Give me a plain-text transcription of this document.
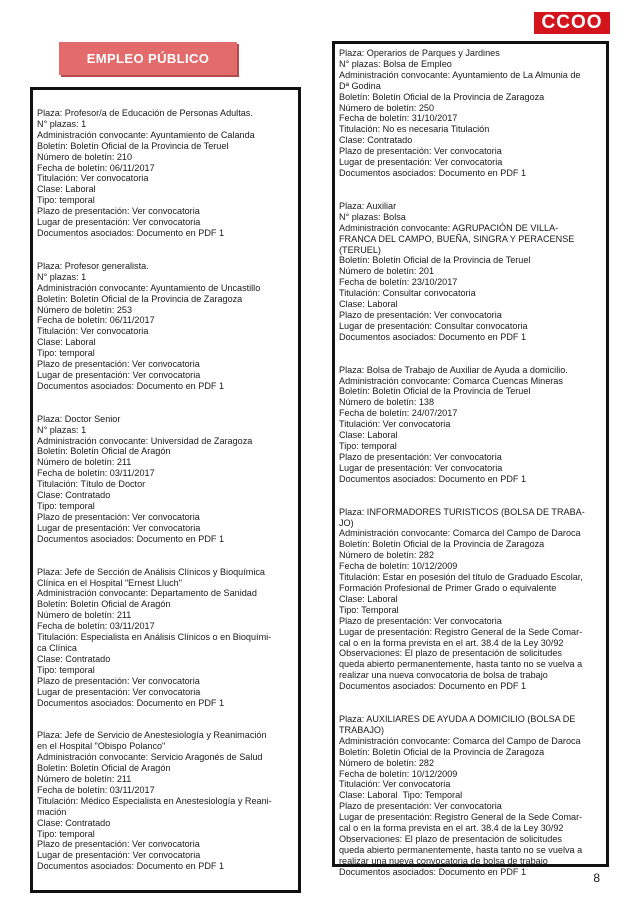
CCOO
EMPLEO PÚBLICO
Plaza: Profesor/a de Educación de Personas Adultas.
N° plazas: 1
Administración convocante: Ayuntamiento de Calanda
Boletín: Boletín Oficial de la Provincia de Teruel
Número de boletín: 210
Fecha de boletín: 06/11/2017
Titulación: Ver convocatoria
Clase: Laboral
Tipo: temporal
Plazo de presentación: Ver convocatoria
Lugar de presentación: Ver convocatoria
Documentos asociados: Documento en PDF 1
Plaza: Profesor generalista.
N° plazas: 1
Administración convocante: Ayuntamiento de Uncastillo
Boletín: Boletín Oficial de la Provincia de Zaragoza
Número de boletín: 253
Fecha de boletín: 06/11/2017
Titulación: Ver convocatoria
Clase: Laboral
Tipo: temporal
Plazo de presentación: Ver convocatoria
Lugar de presentación: Ver convocatoria
Documentos asociados: Documento en PDF 1
Plaza: Doctor Senior
N° plazas: 1
Administración convocante: Universidad de Zaragoza
Boletín: Boletín Oficial de Aragón
Número de boletín: 211
Fecha de boletín: 03/11/2017
Titulación: Título de Doctor
Clase: Contratado
Tipo: temporal
Plazo de presentación: Ver convocatoria
Lugar de presentación: Ver convocatoria
Documentos asociados: Documento en PDF 1
Plaza: Jefe de Sección de Análisis Clínicos y Bioquímica
Clínica en el Hospital "Ernest Lluch"
Administración convocante: Departamento de Sanidad
Boletín: Boletín Oficial de Aragón
Número de boletín: 211
Fecha de boletín: 03/11/2017
Titulación: Especialista en Análisis Clínicos o en Bioquími-
ca Clínica
Clase: Contratado
Tipo: temporal
Plazo de presentación: Ver convocatoria
Lugar de presentación: Ver convocatoria
Documentos asociados: Documento en PDF 1
Plaza: Jefe de Servicio de Anestesiología y Reanimación
en el Hospital "Obispo Polanco"
Administración convocante: Servicio Aragonés de Salud
Boletín: Boletín Oficial de Aragón
Número de boletín: 211
Fecha de boletín: 03/11/2017
Titulación: Médico Especialista en Anestesiología y Reani-
mación
Clase: Contratado
Tipo: temporal
Plazo de presentación: Ver convocatoria
Lugar de presentación: Ver convocatoria
Documentos asociados: Documento en PDF 1
Plaza: Operarios de Parques y Jardines
N° plazas: Bolsa de Empleo
Administración convocante: Ayuntamiento de La Almunia de
Dª Godina
Boletín: Boletín Oficial de la Provincia de Zaragoza
Número de boletín: 250
Fecha de boletín: 31/10/2017
Titulación: No es necesaria Titulación
Clase: Contratado
Plazo de presentación: Ver convocatoria
Lugar de presentación: Ver convocatoria
Documentos asociados: Documento en PDF 1
Plaza: Auxiliar
N° plazas: Bolsa
Administración convocante: AGRUPACIÓN DE VILLA-
FRANCA DEL CAMPO, BUEÑA, SINGRA Y PERACENSE
(TERUEL)
Boletín: Boletín Oficial de la Provincia de Teruel
Número de boletín: 201
Fecha de boletín: 23/10/2017
Titulación: Consultar convocatoria
Clase: Laboral
Plazo de presentación: Ver convocatoria
Lugar de presentación: Consultar convocatoria
Documentos asociados: Documento en PDF 1
Plaza: Bolsa de Trabajo de Auxiliar de Ayuda a domicilio.
Administración convocante: Comarca Cuencas Mineras
Boletín: Boletín Oficial de la Provincia de Teruel
Número de boletín: 138
Fecha de boletín: 24/07/2017
Titulación: Ver convocatoria
Clase: Laboral
Tipo: temporal
Plazo de presentación: Ver convocatoria
Lugar de presentación: Ver convocatoria
Documentos asociados: Documento en PDF 1
Plaza: INFORMADORES TURISTICOS (BOLSA DE TRABA-
JO)
Administración convocante: Comarca del Campo de Daroca
Boletín: Boletín Oficial de la Provincia de Zaragoza
Número de boletín: 282
Fecha de boletín: 10/12/2009
Titulación: Estar en posesión del título de Graduado Escolar,
Formación Profesional de Primer Grado o equivalente
Clase: Laboral
Tipo: Temporal
Plazo de presentación: Ver convocatoria
Lugar de presentación: Registro General de la Sede Comar-
cal o en la forma prevista en el art. 38.4 de la Ley 30/92
Observaciones: El plazo de presentación de solicitudes
queda abierto permanentemente, hasta tanto no se vuelva a
realizar una nueva convocatoria de bolsa de trabajo
Documentos asociados: Documento en PDF 1
Plaza: AUXILIARES DE AYUDA A DOMICILIO (BOLSA DE
TRABAJO)
Administración convocante: Comarca del Campo de Daroca
Boletín: Boletín Oficial de la Provincia de Zaragoza
Número de boletín: 282
Fecha de boletín: 10/12/2009
Titulación: Ver convocatoria
Clase: Laboral  Tipo: Temporal
Plazo de presentación: Ver convocatoria
Lugar de presentación: Registro General de la Sede Comar-
cal o en la forma prevista en el art. 38.4 de la Ley 30/92
Observaciones: El plazo de presentación de solicitudes
queda abierto permanentemente, hasta tanto no se vuelva a
realizar una nueva convocatoria de bolsa de trabajo
Documentos asociados: Documento en PDF 1	8
